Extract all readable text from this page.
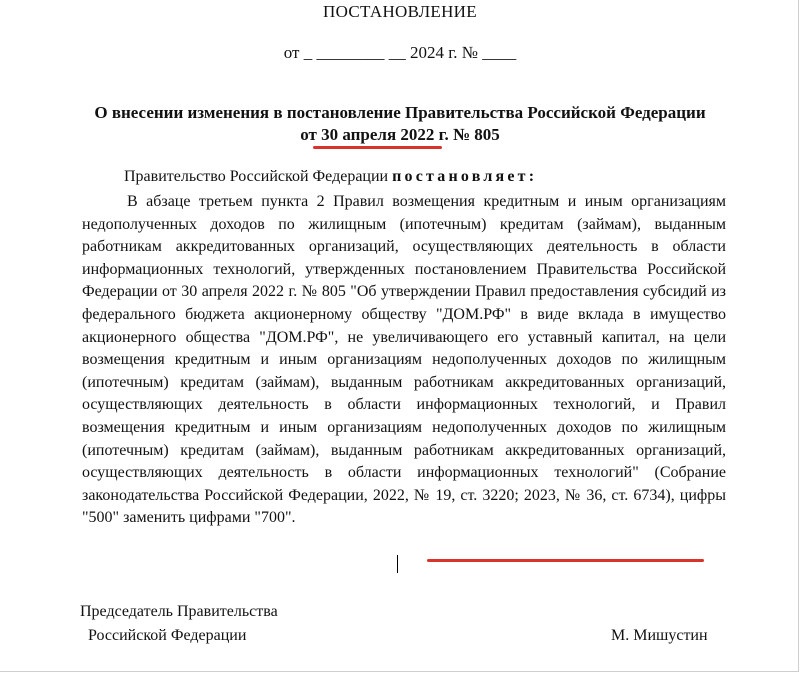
ПОСТАНОВЛЕНИЕ
от _ ________ __ 2024 г. № ____
О внесении изменения в постановление Правительства Российской Федерации
от 30 апреля 2022 г. № 805
Правительство Российской Федерации постановляет:

В абзаце третьем пункта 2 Правил возмещения кредитным и иным организациям недополученных доходов по жилищным (ипотечным) кредитам (займам), выданным работникам аккредитованных организаций, осуществляющих деятельность в области информационных технологий, утвержденных постановлением Правительства Российской Федерации от 30 апреля 2022 г. № 805 "Об утверждении Правил предоставления субсидий из федерального бюджета акционерному обществу "ДОМ.РФ" в виде вклада в имущество акционерного общества "ДОМ.РФ", не увеличивающего его уставный капитал, на цели возмещения кредитным и иным организациям недополученных доходов по жилищным (ипотечным) кредитам (займам), выданным работникам аккредитованных организаций, осуществляющих деятельность в области информационных технологий, и Правил возмещения кредитным и иным организациям недополученных доходов по жилищным (ипотечным) кредитам (займам), выданным работникам аккредитованных организаций, осуществляющих деятельность в области информационных технологий" (Собрание законодательства Российской Федерации, 2022, № 19, ст. 3220; 2023, № 36, ст. 6734), цифры "500" заменить цифрами "700".

Председатель Правительства
Российской Федерации	М. Мишустин
